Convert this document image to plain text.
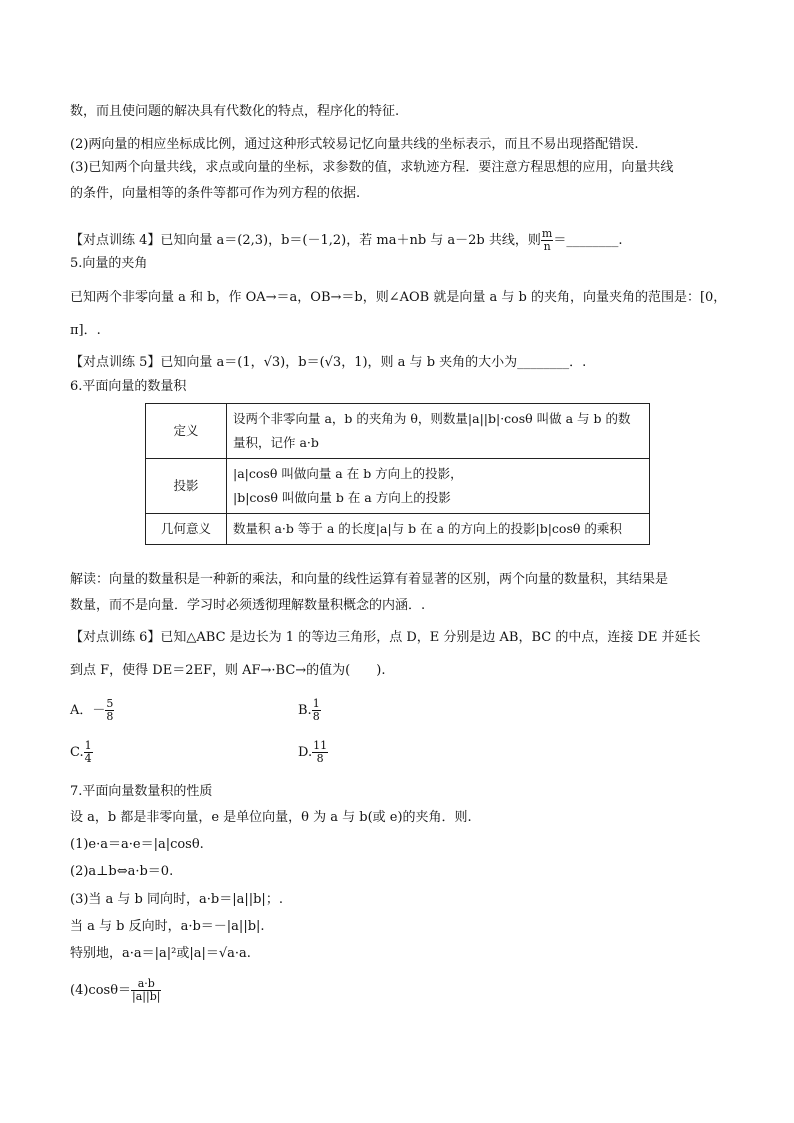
数，而且使问题的解决具有代数化的特点，程序化的特征.
(2)两向量的相应坐标成比例，通过这种形式较易记忆向量共线的坐标表示，而且不易出现搭配错误.
(3)已知两个向量共线，求点或向量的坐标，求参数的值，求轨迹方程．要注意方程思想的应用，向量共线
的条件，向量相等的条件等都可作为列方程的依据.
【对点训练 4】已知向量 a＝(2,3)，b＝(－1,2)，若 ma＋nb 与 a－2b 共线，则 $\frac{m}{n}$ ＝________.
5.向量的夹角
已知两个非零向量 a 和 b，作 OA→＝a，OB→＝b，则∠AOB 就是向量 a 与 b 的夹角，向量夹角的范围是：[0，
π]．.
【对点训练 5】已知向量 a＝(1，√3)，b＝(√3，1)，则 a 与 b 夹角的大小为________．.
6.平面向量的数量积
定义	设两个非零向量 a，b 的夹角为 θ，则数量|a||b|·cosθ 叫做 a 与 b 的数
量积，记作 a·b
投影	|a|cosθ 叫做向量 a 在 b 方向上的投影，
|b|cosθ 叫做向量 b 在 a 方向上的投影
几何意义	数量积 a·b 等于 a 的长度|a|与 b 在 a 的方向上的投影|b|cosθ 的乘积
解读：向量的数量积是一种新的乘法，和向量的线性运算有着显著的区别，两个向量的数量积，其结果是
数量，而不是向量．学习时必须透彻理解数量积概念的内涵．.
【对点训练 6】已知△ABC 是边长为 1 的等边三角形，点 D，E 分别是边 AB，BC 的中点，连接 DE 并延长
到点 F，使得 DE＝2EF，则 AF→·BC→的值为(　　).
A．－ $\frac{5}{8}$	B. $\frac{1}{8}$
C. $\frac{1}{4}$	D. $\frac{11}{8}$
7.平面向量数量积的性质
设 a，b 都是非零向量，e 是单位向量，θ 为 a 与 b(或 e)的夹角．则.
(1)e·a＝a·e＝|a|cosθ.
(2)a⊥b⇔a·b＝0.
(3)当 a 与 b 同向时，a·b＝|a||b|；.
当 a 与 b 反向时，a·b＝－|a||b|.
特别地，a·a＝|a|²或|a|＝√a·a.
$(4)\cos\theta= \frac{a\cdot b}{|a||b|}$
